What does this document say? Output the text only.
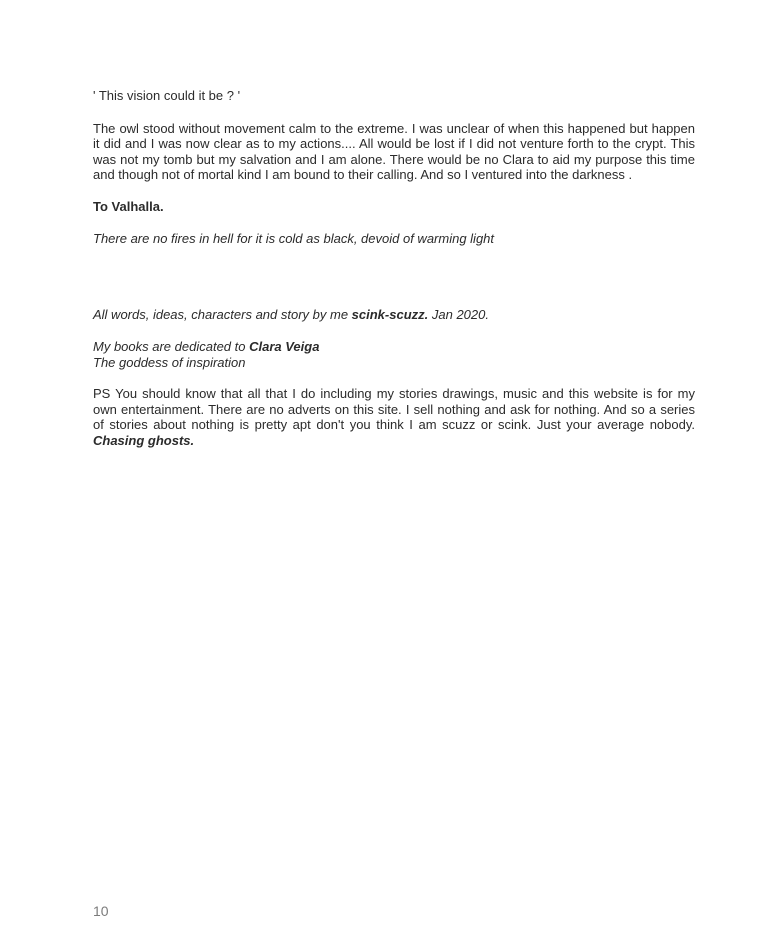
' This vision could it be ? '

The owl stood without movement calm to the extreme. I was unclear of when this happened but happen it did and I was now clear as to my actions.... All would be lost if I did not venture forth to the crypt. This was not my tomb but my salvation and I am alone. There would be no Clara to aid my purpose this time and though not of mortal kind I am bound to their calling. And so I ventured into the darkness .

To Valhalla.

There are no fires in hell for it is cold as black, devoid of warming light

All words, ideas, characters and story by me scink-scuzz. Jan 2020.

My books are dedicated to Clara Veiga
The goddess of inspiration

PS You should know that all that I do including my stories drawings, music and this website is for my own entertainment. There are no adverts on this site. I sell nothing and ask for nothing. And so a series of stories about nothing is pretty apt don't you think I am scuzz or scink. Just your average nobody. Chasing ghosts.

10
